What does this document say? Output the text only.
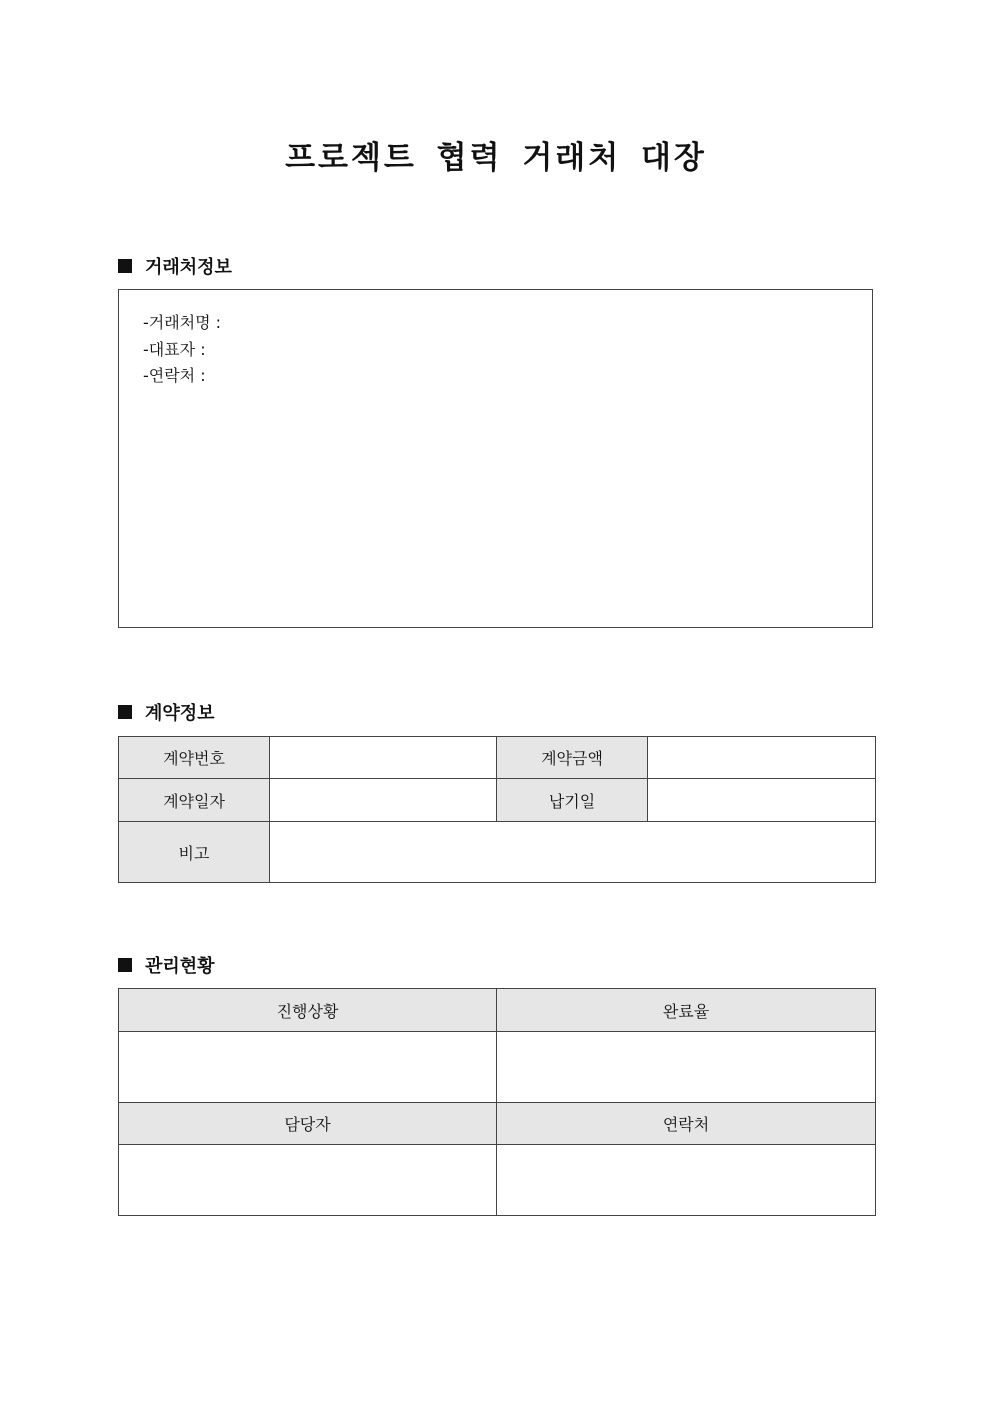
프로젝트 협력 거래처 대장
거래처정보
-거래처명 :
-대표자 :
-연락처 :
계약정보
계약번호		계약금액	
계약일자		납기일	
비고			
관리현황
진행상황	완료율

담당자	연락처
